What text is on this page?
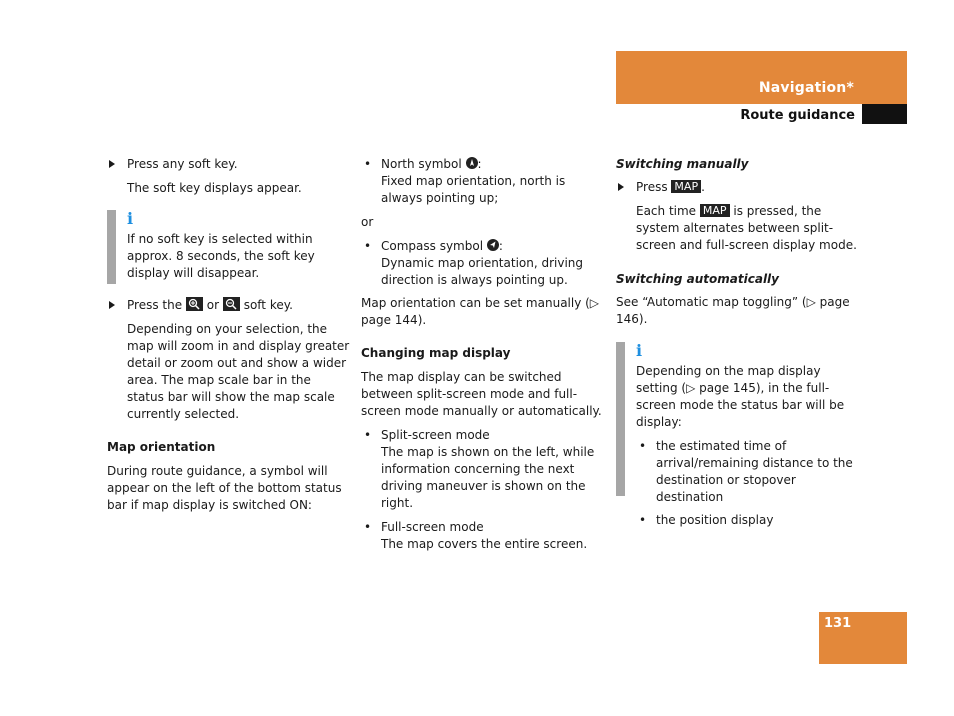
Navigation*
Route guidance

Press any soft key.

The soft key displays appear.

i

If no soft key is selected within approx. 8 seconds, the soft key display will disappear.

Press the or soft key.

Depending on your selection, the map will zoom in and display greater detail or zoom out and show a wider area. The map scale bar in the status bar will show the map scale currently selected.

Map orientation

During route guidance, a symbol will appear on the left of the bottom status bar if map display is switched ON:

• North symbol :

Fixed map orientation, north is always pointing up;

or

• Compass symbol :

Dynamic map orientation, driving direction is always pointing up.

Map orientation can be set manually (▷ page 144).

Changing map display

The map display can be switched between split-screen mode and full-screen mode manually or automatically.

• Split-screen mode

The map is shown on the left, while information concerning the next driving maneuver is shown on the right.

• Full-screen mode

The map covers the entire screen.

Switching manually

Press MAP .

Each time MAP is pressed, the system alternates between split-screen and full-screen display mode.

Switching automatically

See “Automatic map toggling” (▷ page 146).

i

Depending on the map display setting (▷ page 145), in the full-screen mode the status bar will be display:

• the estimated time of arrival/remaining distance to the destination or stopover destination

• the position display

131
